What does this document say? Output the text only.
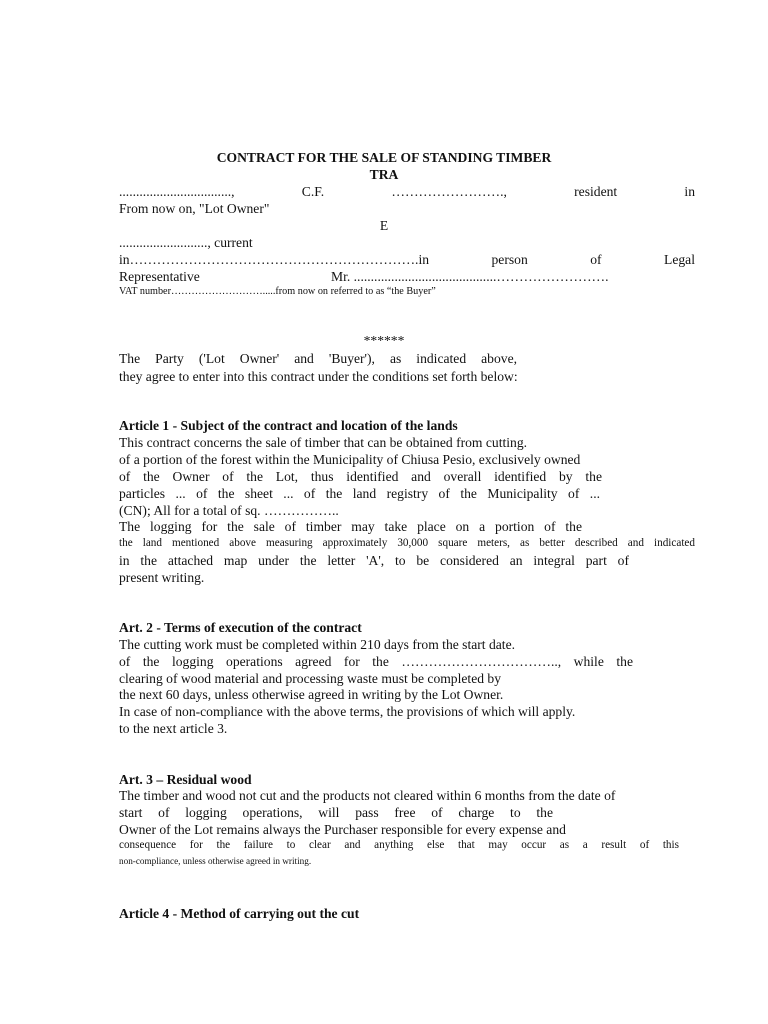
CONTRACT FOR THE SALE OF STANDING TIMBER
TRA
.................................,	C.F.	…………………….,	resident	in
From now on, "Lot Owner"
E
.........................., current
in……………………………………………………….in	person	of	Legal
Representative	Mr. ..........................................…………………….
VAT number……………………….....from now on referred to as “the Buyer”
******
The Party ('Lot Owner' and 'Buyer'), as indicated above,
they agree to enter into this contract under the conditions set forth below:
Article 1 - Subject of the contract and location of the lands
This contract concerns the sale of timber that can be obtained from cutting.
of a portion of the forest within the Municipality of Chiusa Pesio, exclusively owned
of the Owner of the Lot, thus identified and overall identified by the
particles ... of the sheet ... of the land registry of the Municipality of ...
(CN); All for a total of sq. ……………..
The logging for the sale of timber may take place on a portion of the
the land mentioned above measuring approximately 30,000 square meters, as better described and indicated
in the attached map under the letter 'A', to be considered an integral part of
present writing.
Art. 2 - Terms of execution of the contract
The cutting work must be completed within 210 days from the start date.
of the logging operations agreed for the …………………………….., while the
clearing of wood material and processing waste must be completed by
the next 60 days, unless otherwise agreed in writing by the Lot Owner.
In case of non-compliance with the above terms, the provisions of which will apply.
to the next article 3.
Art. 3 – Residual wood
The timber and wood not cut and the products not cleared within 6 months from the date of
start of logging operations, will pass free of charge to the
Owner of the Lot remains always the Purchaser responsible for every expense and
consequence for the failure to clear and anything else that may occur as a result of this
non-compliance, unless otherwise agreed in writing.
Article 4 - Method of carrying out the cut
